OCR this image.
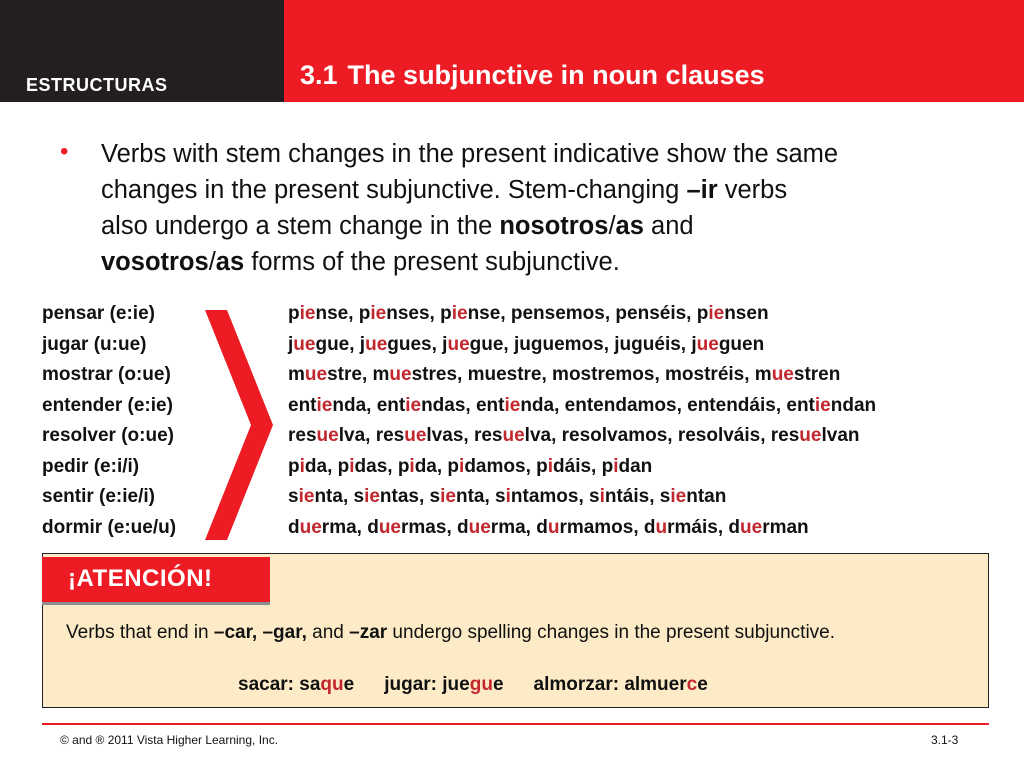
ESTRUCTURAS	3.1 The subjunctive in noun clauses
• Verbs with stem changes in the present indicative show the same
changes in the present subjunctive. Stem-changing –ir verbs
also undergo a stem change in the nosotros/as and
vosotros/as forms of the present subjunctive.

pensar (e:ie)	piense, pienses, piense, pensemos, penséis, piensen
jugar (u:ue)	juegue, juegues, juegue, juguemos, juguéis, jueguen
mostrar (o:ue)	muestre, muestres, muestre, mostremos, mostréis, muestren
entender (e:ie)	entienda, entiendas, entienda, entendamos, entendáis, entiendan
resolver (o:ue)	resuelva, resuelvas, resuelva, resolvamos, resolváis, resuelvan
pedir (e:i/i)	pida, pidas, pida, pidamos, pidáis, pidan
sentir (e:ie/i)	sienta, sientas, sienta, sintamos, sintáis, sientan
dormir (e:ue/u)	duerma, duermas, duerma, durmamos, durmáis, duerman
¡ATENCIÓN!
Verbs that end in –car, –gar, and –zar undergo spelling changes in the present subjunctive.
sacar: saque jugar: juegue almorzar: almuerce
© and ® 2011 Vista Higher Learning, Inc.	3.1-3
